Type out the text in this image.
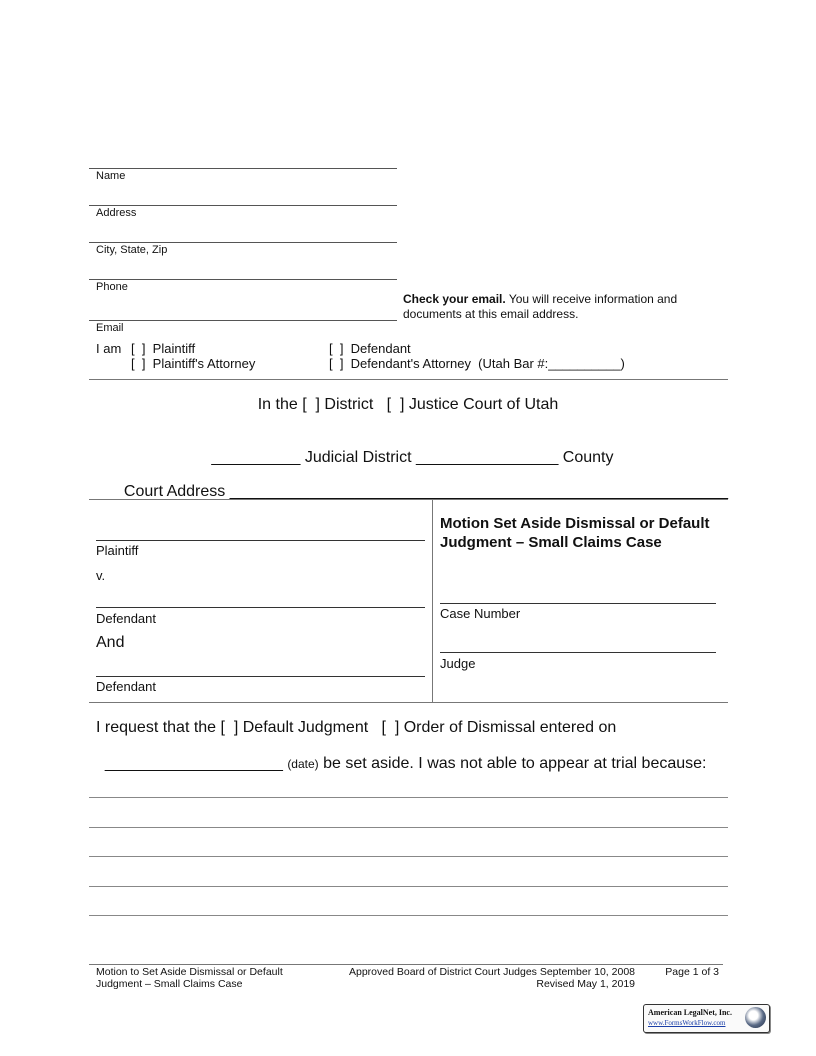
Name
Address
City, State, Zip
Phone
Email
Check your email. You will receive information and
documents at this email address.
I am [  ]  Plaintiff
[  ]  Plaintiff's Attorney
[  ]  Defendant
[  ]  Defendant's Attorney  (Utah Bar #:__________)
In the [  ] District   [  ] Justice Court of Utah

__________ Judicial District ________________ County

Court Address ________________________________________________________

Plaintiff
v.
Defendant
And
Defendant
Motion Set Aside Dismissal or Default Judgment – Small Claims Case
Case Number
Judge
I request that the [  ] Default Judgment   [  ] Order of Dismissal entered on

____________________ (date) be set aside. I was not able to appear at trial because:

Motion to Set Aside Dismissal or Default
Judgment – Small Claims Case
Approved Board of District Court Judges September 10, 2008
Revised May 1, 2019
Page 1 of 3
American LegalNet, Inc.
www.FormsWorkFlow.com
